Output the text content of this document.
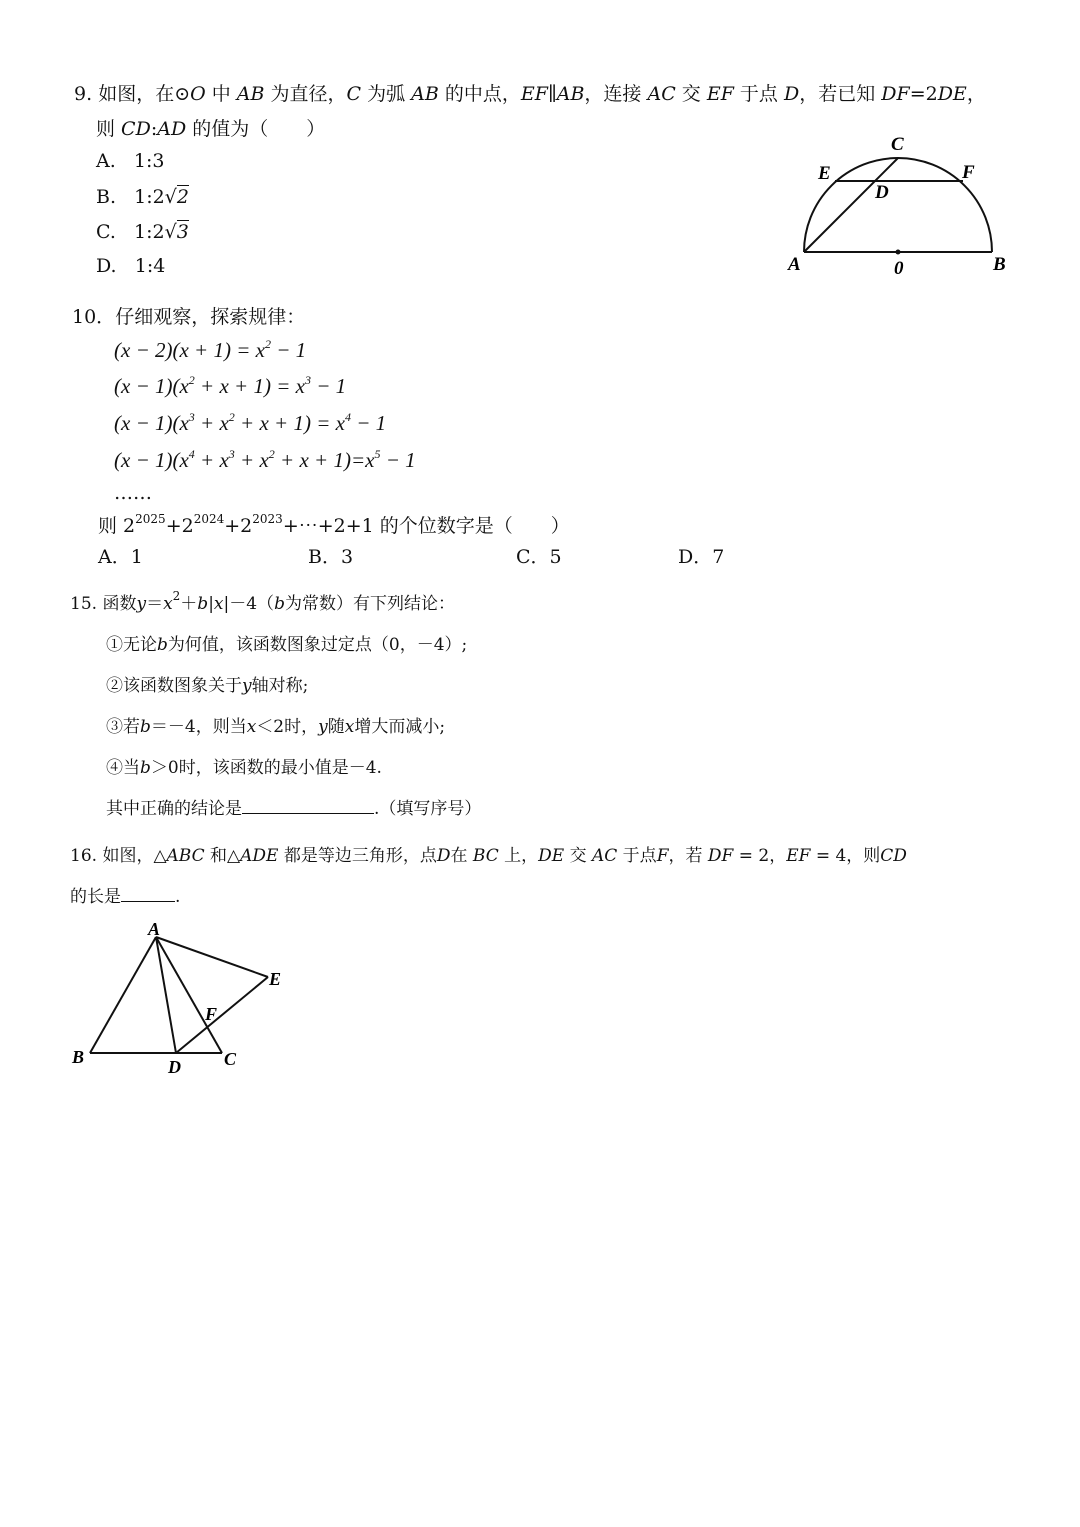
9. 如图，在⊙O 中 AB 为直径，C 为弧 AB 的中点，EF∥AB，连接 AC 交 EF 于点 D，若已知 DF=2DE，
则 CD:AD 的值为（　　）
A. 1:3
B. 1:2√2
C. 1:2√3
D. 1:4
C
E
D
F
A	0	B
10．仔细观察，探索规律：
$(x - 2)(x + 1) = x^2 - 1$
$(x - 1)(x^2 + x + 1) = x^3 - 1$
$(x - 1)(x^3 + x^2 + x + 1) = x^4 - 1$
$(x - 1)(x^4 + x^3 + x^2 + x + 1)=x^5 - 1$
……
则 $2^{2025}+2^{2024}+2^{2023}+\cdots+2+1$ 的个位数字是（　　）
A．1	B．3	C．5	D．7
15. 函数$y=x^2+b|x|-4(b$为常数）有下列结论：
①无论b为何值，该函数图象过定点（0，－4）;
②该函数图象关于y轴对称;
③若b＝－4，则当x＜2时，y随x增大而减小;
④当b＞0时，该函数的最小值是－4.
其中正确的结论是	.（填写序号）
16. 如图，△ABC 和△ADE 都是等边三角形，点D在 BC 上，DE 交 AC 于点F，若 DF = 2，EF = 4，则CD
的长是	.
A
E
F
B	D C
